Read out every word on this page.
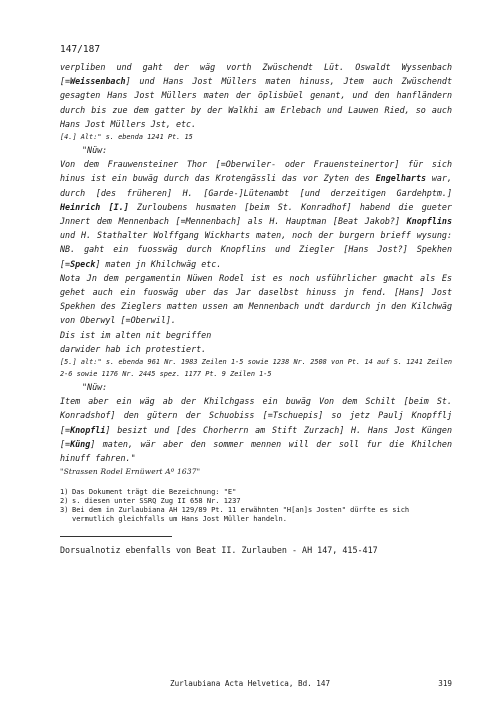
147/187

verpliben und gaht der wäg vorth Zwüschendt Lüt. Oswaldt Wyssenbach [=Weissenbach] und Hans Jost Müllers maten hinuss, Jtem auch Zwüschendt gesagten Hans Jost Müllers maten der öplisbüel genant, und den hanfländern durch bis zue dem gatter by der Walkhi am Erlebach und Lauwen Ried, so auch Hans Jost Müllers Jst, etc.

[4.] Alt:" s. ebenda 1241 Pt. 15

"Nüw:

Von dem Frauwensteiner Thor [=Oberwiler- oder Frauensteinertor] für sich hinus ist ein buwäg durch das Krotengässli das vor Zyten des Engelharts war, durch [des früheren] H. [Garde-]Lütenambt [und derzeitigen Gardehptm.] Heinrich [I.] Zurloubens husmaten [beim St. Konradhof] habend die gueter Jnnert dem Mennenbach [=Mennenbach] als H. Hauptman [Beat Jakob?] Knopflins und H. Stathalter Wolffgang Wickharts maten, noch der burgern brieff wysung: NB. gaht ein fuosswäg durch Knopflins und Ziegler [Hans Jost?] Spekhen [=Speck] maten jn Khilchwäg etc.

Nota Jn dem pergamentin Nüwen Rodel ist es noch usführlicher gmacht als Es gehet auch ein fuoswäg uber das Jar daselbst hinuss jn fend. [Hans] Jost Spekhen des Zieglers matten ussen am Mennenbach undt dardurch jn den Kilchwäg von Oberwyl [=Oberwil].

Dis ist im alten nit begriffen

darwider hab ich protestiert.

[5.] alt:" s. ebenda 961 Nr. 1983 Zeilen 1-5 sowie 1238 Nr. 2508 von Pt. 14 auf S. 1241 Zeilen 2-6 sowie 1176 Nr. 2445 spez. 1177 Pt. 9 Zeilen 1-5

"Nüw:

Item aber ein wäg ab der Khilchgass ein buwäg Von dem Schilt [beim St. Konradshof] den gütern der Schuobiss [=Tschuepis] so jetz Paulj Knopfflj [=Knopfli] besizt und [des Chorherrn am Stift Zurzach] H. Hans Jost Küngen [=Küng] maten, wär aber den sommer mennen will der soll fur die Khilchen hinuff fahren."

"Strassen Rodel Ernüwert Aº 1637"

1) Das Dokument trägt die Bezeichnung: "E"
2) s. diesen unter SSRQ Zug II 658 Nr. 1237
3) Bei dem in Zurlaubiana AH 129/89 Pt. 11 erwähnten "H[an]s Josten" dürfte es sich vermutlich gleichfalls um Hans Jost Müller handeln.
Dorsualnotiz ebenfalls von Beat II. Zurlauben - AH 147, 415-417
Zurlaubiana Acta Helvetica, Bd. 147	319
